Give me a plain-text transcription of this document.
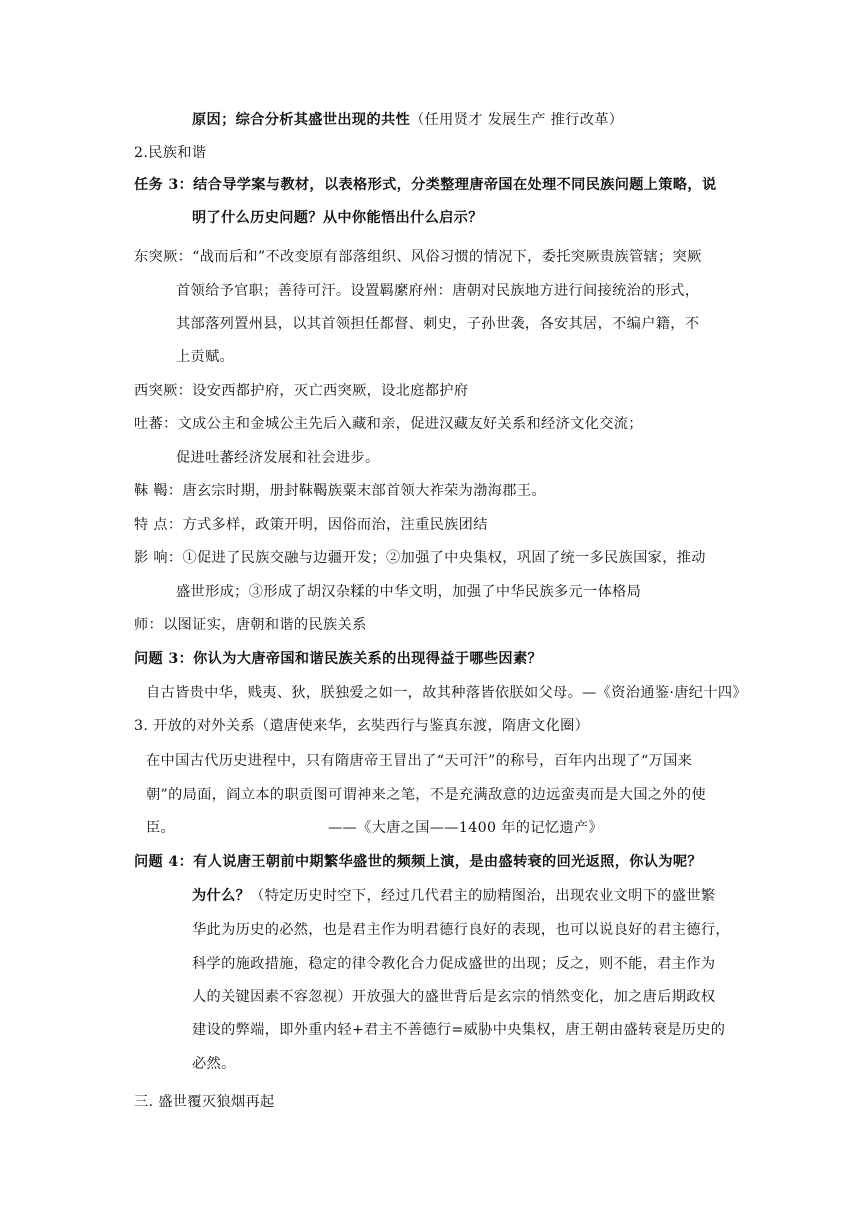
原因；综合分析其盛世出现的共性（任用贤才 发展生产 推行改革）
2.民族和谐
任务 3：结合导学案与教材，以表格形式，分类整理唐帝国在处理不同民族问题上策略，说
明了什么历史问题？从中你能悟出什么启示？
东突厥：“战而后和”不改变原有部落组织、风俗习惯的情况下，委托突厥贵族管辖；突厥
首领给予官职；善待可汗。设置羁縻府州：唐朝对民族地方进行间接统治的形式，
其部落列置州县，以其首领担任都督、刺史，子孙世袭，各安其居，不编户籍，不
上贡赋。
西突厥：设安西都护府，灭亡西突厥，设北庭都护府
吐蕃：文成公主和金城公主先后入藏和亲，促进汉藏友好关系和经济文化交流；
促进吐蕃经济发展和社会进步。
靺 鞨：唐玄宗时期，册封靺鞨族粟末部首领大祚荣为渤海郡王。
特 点：方式多样，政策开明，因俗而治，注重民族团结
影 响：①促进了民族交融与边疆开发；②加强了中央集权，巩固了统一多民族国家，推动
盛世形成；③形成了胡汉杂糅的中华文明，加强了中华民族多元一体格局
师：以图证实，唐朝和谐的民族关系
问题 3：你认为大唐帝国和谐民族关系的出现得益于哪些因素？
自古皆贵中华，贱夷、狄，朕独爱之如一，故其种落皆依朕如父母。—《资治通鉴·唐纪十四》
3. 开放的对外关系（遣唐使来华，玄奘西行与鉴真东渡，隋唐文化圈）
在中国古代历史进程中，只有隋唐帝王冒出了“天可汗”的称号，百年内出现了“万国来
朝”的局面，阎立本的职贡图可谓神来之笔，不是充满敌意的边远蛮夷而是大国之外的使
臣。	——《大唐之国——1400 年的记忆遗产》
问题 4：有人说唐王朝前中期繁华盛世的频频上演，是由盛转衰的回光返照，你认为呢？
为什么？（特定历史时空下，经过几代君主的励精图治，出现农业文明下的盛世繁
华此为历史的必然，也是君主作为明君德行良好的表现，也可以说良好的君主德行，
科学的施政措施，稳定的律令教化合力促成盛世的出现；反之，则不能，君主作为
人的关键因素不容忽视）开放强大的盛世背后是玄宗的悄然变化，加之唐后期政权
建设的弊端，即外重内轻+君主不善德行=威胁中央集权，唐王朝由盛转衰是历史的
必然。
三. 盛世覆灭狼烟再起
